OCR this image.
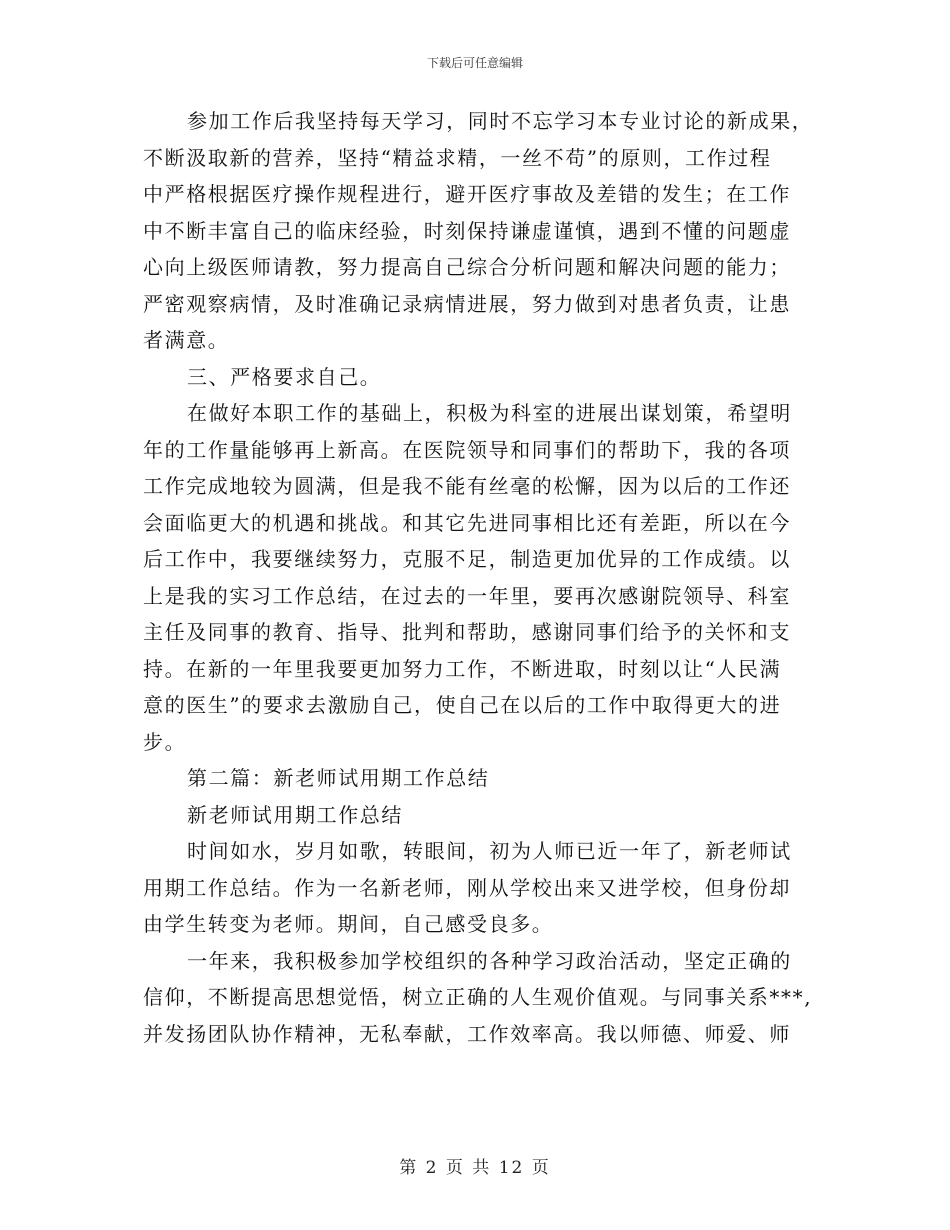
下载后可任意编辑
参加工作后我坚持每天学习，同时不忘学习本专业讨论的新成果，
不断汲取新的营养，坚持“精益求精，一丝不苟”的原则，工作过程
中严格根据医疗操作规程进行，避开医疗事故及差错的发生；在工作
中不断丰富自己的临床经验，时刻保持谦虚谨慎，遇到不懂的问题虚
心向上级医师请教，努力提高自己综合分析问题和解决问题的能力；
严密观察病情，及时准确记录病情进展，努力做到对患者负责，让患
者满意。
三、严格要求自己。
在做好本职工作的基础上，积极为科室的进展出谋划策，希望明
年的工作量能够再上新高。在医院领导和同事们的帮助下，我的各项
工作完成地较为圆满，但是我不能有丝毫的松懈，因为以后的工作还
会面临更大的机遇和挑战。和其它先进同事相比还有差距，所以在今
后工作中，我要继续努力，克服不足，制造更加优异的工作成绩。以
上是我的实习工作总结，在过去的一年里，要再次感谢院领导、科室
主任及同事的教育、指导、批判和帮助，感谢同事们给予的关怀和支
持。在新的一年里我要更加努力工作，不断进取，时刻以让“人民满
意的医生”的要求去激励自己，使自己在以后的工作中取得更大的进
步。
第二篇：新老师试用期工作总结
新老师试用期工作总结
时间如水，岁月如歌，转眼间，初为人师已近一年了，新老师试
用期工作总结。作为一名新老师，刚从学校出来又进学校，但身份却
由学生转变为老师。期间，自己感受良多。
一年来，我积极参加学校组织的各种学习政治活动，坚定正确的
信仰，不断提高思想觉悟，树立正确的人生观价值观。与同事关系***,
并发扬团队协作精神，无私奉献，工作效率高。我以师德、师爱、师
第 2 页 共 12 页
